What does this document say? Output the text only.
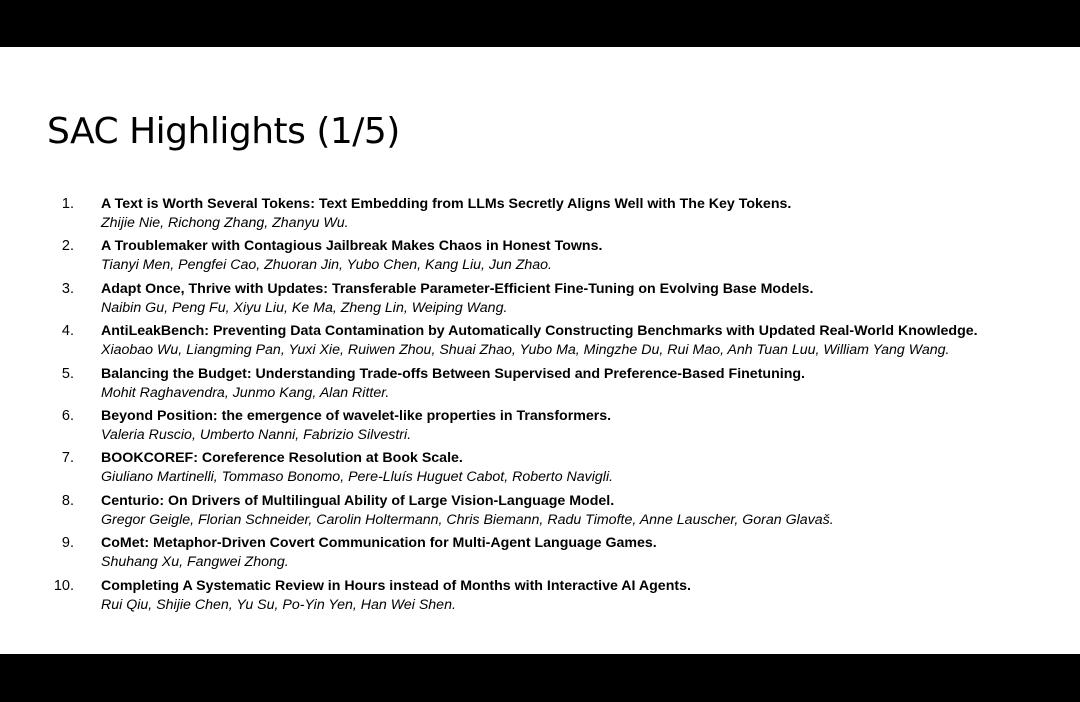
SAC Highlights (1/5)
1. A Text is Worth Several Tokens: Text Embedding from LLMs Secretly Aligns Well with The Key Tokens.
Zhijie Nie, Richong Zhang, Zhanyu Wu.
2. A Troublemaker with Contagious Jailbreak Makes Chaos in Honest Towns.
Tianyi Men, Pengfei Cao, Zhuoran Jin, Yubo Chen, Kang Liu, Jun Zhao.
3. Adapt Once, Thrive with Updates: Transferable Parameter-Efficient Fine-Tuning on Evolving Base Models.
Naibin Gu, Peng Fu, Xiyu Liu, Ke Ma, Zheng Lin, Weiping Wang.
4. AntiLeakBench: Preventing Data Contamination by Automatically Constructing Benchmarks with Updated Real-World Knowledge.
Xiaobao Wu, Liangming Pan, Yuxi Xie, Ruiwen Zhou, Shuai Zhao, Yubo Ma, Mingzhe Du, Rui Mao, Anh Tuan Luu, William Yang Wang.
5. Balancing the Budget: Understanding Trade-offs Between Supervised and Preference-Based Finetuning.
Mohit Raghavendra, Junmo Kang, Alan Ritter.
6. Beyond Position: the emergence of wavelet-like properties in Transformers.
Valeria Ruscio, Umberto Nanni, Fabrizio Silvestri.
7. BOOKCOREF: Coreference Resolution at Book Scale.
Giuliano Martinelli, Tommaso Bonomo, Pere-Lluís Huguet Cabot, Roberto Navigli.
8. Centurio: On Drivers of Multilingual Ability of Large Vision-Language Model.
Gregor Geigle, Florian Schneider, Carolin Holtermann, Chris Biemann, Radu Timofte, Anne Lauscher, Goran Glavaš.
9. CoMet: Metaphor-Driven Covert Communication for Multi-Agent Language Games.
Shuhang Xu, Fangwei Zhong.
10. Completing A Systematic Review in Hours instead of Months with Interactive AI Agents.
Rui Qiu, Shijie Chen, Yu Su, Po-Yin Yen, Han Wei Shen.
